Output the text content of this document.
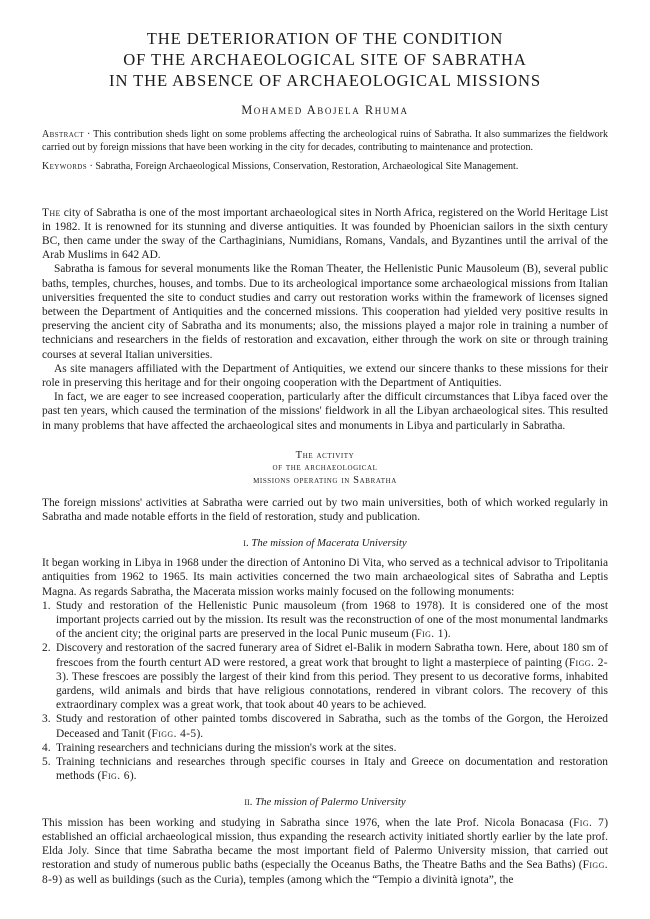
THE DETERIORATION OF THE CONDITION
OF THE ARCHAEOLOGICAL SITE OF SABRATHA
IN THE ABSENCE OF ARCHAEOLOGICAL MISSIONS
Mohamed Abojela Rhuma

Abstract · This contribution sheds light on some problems affecting the archeological ruins of Sabratha. It also summarizes the fieldwork carried out by foreign missions that have been working in the city for decades, contributing to maintenance and protection.

Keywords · Sabratha, Foreign Archaeological Missions, Conservation, Restoration, Archaeological Site Management.

The city of Sabratha is one of the most important archaeological sites in North Africa, registered on the World Heritage List in 1982. It is renowned for its stunning and diverse antiquities. It was founded by Phoenician sailors in the sixth century BC, then came under the sway of the Carthaginians, Numidians, Romans, Vandals, and Byzantines until the arrival of the Arab Muslims in 642 AD.

Sabratha is famous for several monuments like the Roman Theater, the Hellenistic Punic Mausoleum (B), several public baths, temples, churches, houses, and tombs. Due to its archeological importance some archaeological missions from Italian universities frequented the site to conduct studies and carry out restoration works within the framework of licenses signed between the Department of Antiquities and the concerned missions. This cooperation had yielded very positive results in preserving the ancient city of Sabratha and its monuments; also, the missions played a major role in training a number of technicians and researchers in the fields of restoration and excavation, either through the work on site or through training courses at several Italian universities.

As site managers affiliated with the Department of Antiquities, we extend our sincere thanks to these missions for their role in preserving this heritage and for their ongoing cooperation with the Department of Antiquities.

In fact, we are eager to see increased cooperation, particularly after the difficult circumstances that Libya faced over the past ten years, which caused the termination of the missions' fieldwork in all the Libyan archaeological sites. This resulted in many problems that have affected the archaeological sites and monuments in Libya and particularly in Sabratha.

The activity
of the archaeological
missions operating in Sabratha

The foreign missions' activities at Sabratha were carried out by two main universities, both of which worked regularly in Sabratha and made notable efforts in the field of restoration, study and publication.

i. The mission of Macerata University

It began working in Libya in 1968 under the direction of Antonino Di Vita, who served as a technical advisor to Tripolitania antiquities from 1962 to 1965. Its main activities concerned the two main archaeological sites of Sabratha and Leptis Magna. As regards Sabratha, the Macerata mission works mainly focused on the following monuments:

1. Study and restoration of the Hellenistic Punic mausoleum (from 1968 to 1978). It is considered one of the most important projects carried out by the mission. Its result was the reconstruction of one of the most monumental landmarks of the ancient city; the original parts are preserved in the local Punic museum (Fig. 1).
2. Discovery and restoration of the sacred funerary area of Sidret el-Balik in modern Sabratha town. Here, about 180 sm of frescoes from the fourth centurt AD were restored, a great work that brought to light a masterpiece of painting (Figg. 2-3). These frescoes are possibly the largest of their kind from this period. They present to us decorative forms, inhabited gardens, wild animals and birds that have religious connotations, rendered in vibrant colors. The recovery of this extraordinary complex was a great work, that took about 40 years to be achieved.
3. Study and restoration of other painted tombs discovered in Sabratha, such as the tombs of the Gorgon, the Heroized Deceased and Tanit (Figg. 4-5).
4. Training researchers and technicians during the mission's work at the sites.
5. Training technicians and researches through specific courses in Italy and Greece on documentation and restoration methods (Fig. 6).
ii. The mission of Palermo University

This mission has been working and studying in Sabratha since 1976, when the late Prof. Nicola Bonacasa (Fig. 7) established an official archaeological mission, thus expanding the research activity initiated shortly earlier by the late prof. Elda Joly. Since that time Sabratha became the most important field of Palermo University mission, that carried out restoration and study of numerous public baths (especially the Oceanus Baths, the Theatre Baths and the Sea Baths) (Figg. 8-9) as well as buildings (such as the Curia), temples (among which the “Tempio a divinità ignota”, the
